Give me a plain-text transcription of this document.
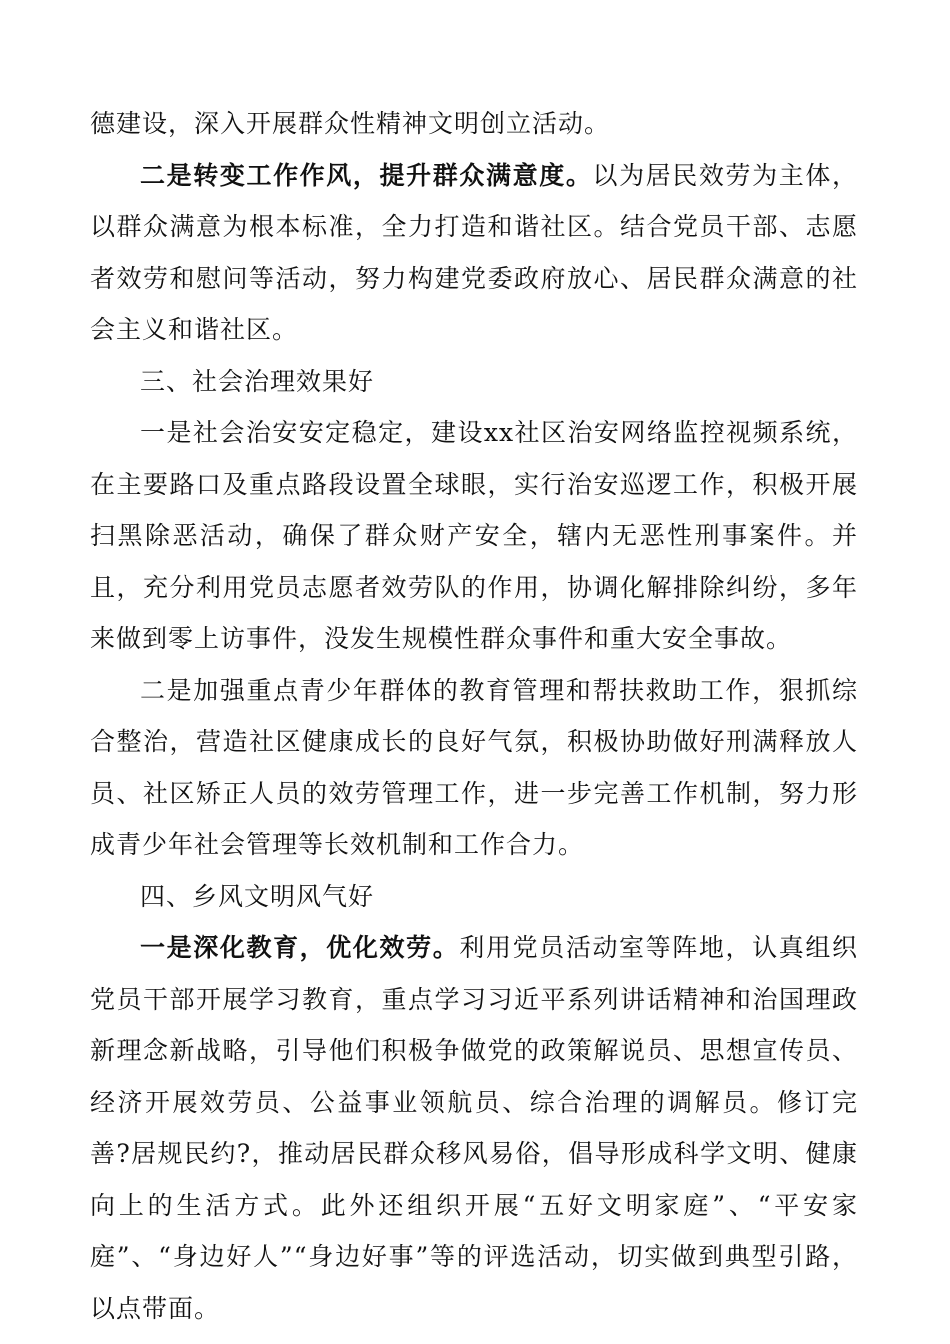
德建设，深入开展群众性精神文明创立活动。

二是转变工作作风，提升群众满意度。以为居民效劳为主体，以群众满意为根本标准，全力打造和谐社区。结合党员干部、志愿者效劳和慰问等活动，努力构建党委政府放心、居民群众满意的社会主义和谐社区。

三、社会治理效果好

一是社会治安安定稳定，建设xx社区治安网络监控视频系统，在主要路口及重点路段设置全球眼，实行治安巡逻工作，积极开展扫黑除恶活动，确保了群众财产安全，辖内无恶性刑事案件。并且，充分利用党员志愿者效劳队的作用，协调化解排除纠纷，多年来做到零上访事件，没发生规模性群众事件和重大安全事故。

二是加强重点青少年群体的教育管理和帮扶救助工作，狠抓综合整治，营造社区健康成长的良好气氛，积极协助做好刑满释放人员、社区矫正人员的效劳管理工作，进一步完善工作机制，努力形成青少年社会管理等长效机制和工作合力。

四、乡风文明风气好

一是深化教育，优化效劳。利用党员活动室等阵地，认真组织党员干部开展学习教育，重点学习习近平系列讲话精神和治国理政新理念新战略，引导他们积极争做党的政策解说员、思想宣传员、经济开展效劳员、公益事业领航员、综合治理的调解员。修订完善?居规民约?，推动居民群众移风易俗，倡导形成科学文明、健康向上的生活方式。此外还组织开展“五好文明家庭”、“平安家庭”、“身边好人”“身边好事”等的评选活动，切实做到典型引路，以点带面。
